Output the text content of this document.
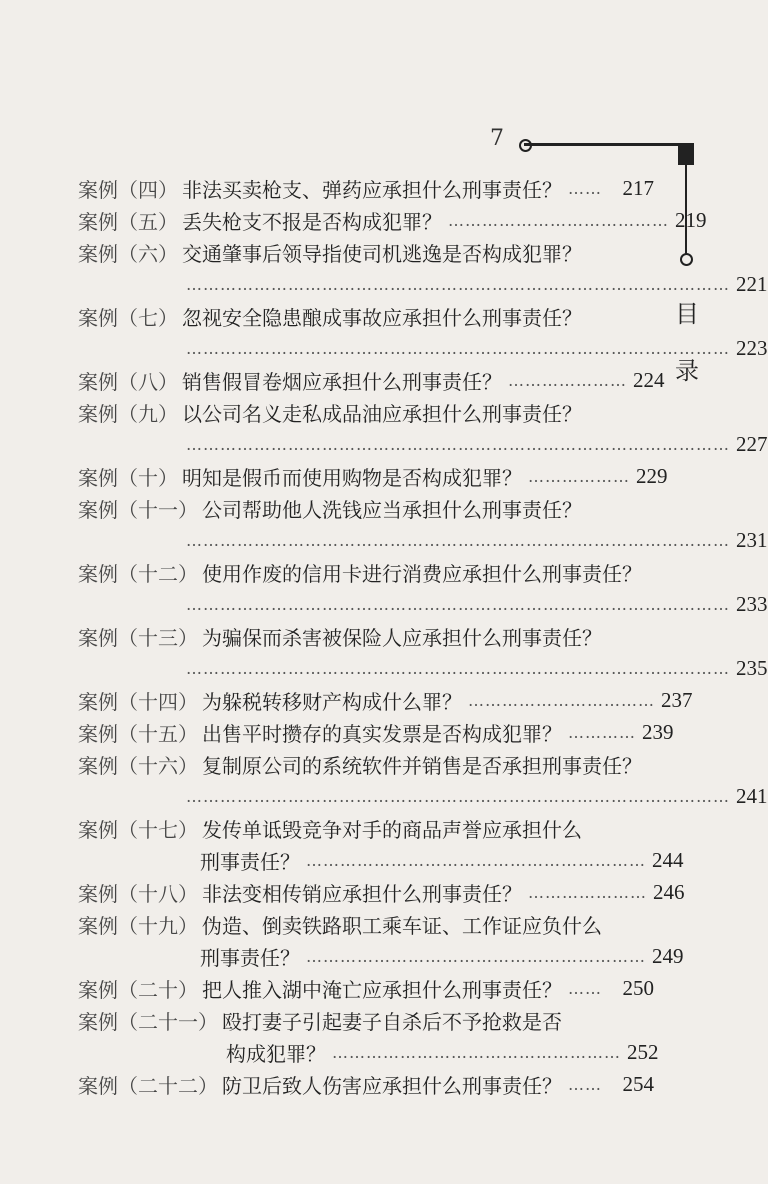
7
目
录
案例（四） 非法买卖枪支、弹药应承担什么刑事责任？ …… 217
案例（五） 丢失枪支不报是否构成犯罪？ ………………………………… 219
案例（六） 交通肇事后领导指使司机逃逸是否构成犯罪？
…………………………………………………………………………………… 221
案例（七） 忽视安全隐患酿成事故应承担什么刑事责任？
…………………………………………………………………………………… 223
案例（八） 销售假冒卷烟应承担什么刑事责任？ ………………… 224
案例（九） 以公司名义走私成品油应承担什么刑事责任？
…………………………………………………………………………………… 227
案例（十） 明知是假币而使用购物是否构成犯罪？ ……………… 229
案例（十一） 公司帮助他人洗钱应当承担什么刑事责任？
…………………………………………………………………………………… 231
案例（十二） 使用作废的信用卡进行消费应承担什么刑事责任？
…………………………………………………………………………………… 233
案例（十三） 为骗保而杀害被保险人应承担什么刑事责任？
…………………………………………………………………………………… 235
案例（十四） 为躲税转移财产构成什么罪？ …………………………… 237
案例（十五） 出售平时攒存的真实发票是否构成犯罪？ ………… 239
案例（十六） 复制原公司的系统软件并销售是否承担刑事责任？
…………………………………………………………………………………… 241
案例（十七） 发传单诋毁竞争对手的商品声誉应承担什么
刑事责任？ …………………………………………………… 244
案例（十八） 非法变相传销应承担什么刑事责任？ ………………… 246
案例（十九） 伪造、倒卖铁路职工乘车证、工作证应负什么
刑事责任？ …………………………………………………… 249
案例（二十） 把人推入湖中淹亡应承担什么刑事责任？ …… 250
案例（二十一） 殴打妻子引起妻子自杀后不予抢救是否
构成犯罪？ …………………………………………… 252
案例（二十二） 防卫后致人伤害应承担什么刑事责任？ …… 254
